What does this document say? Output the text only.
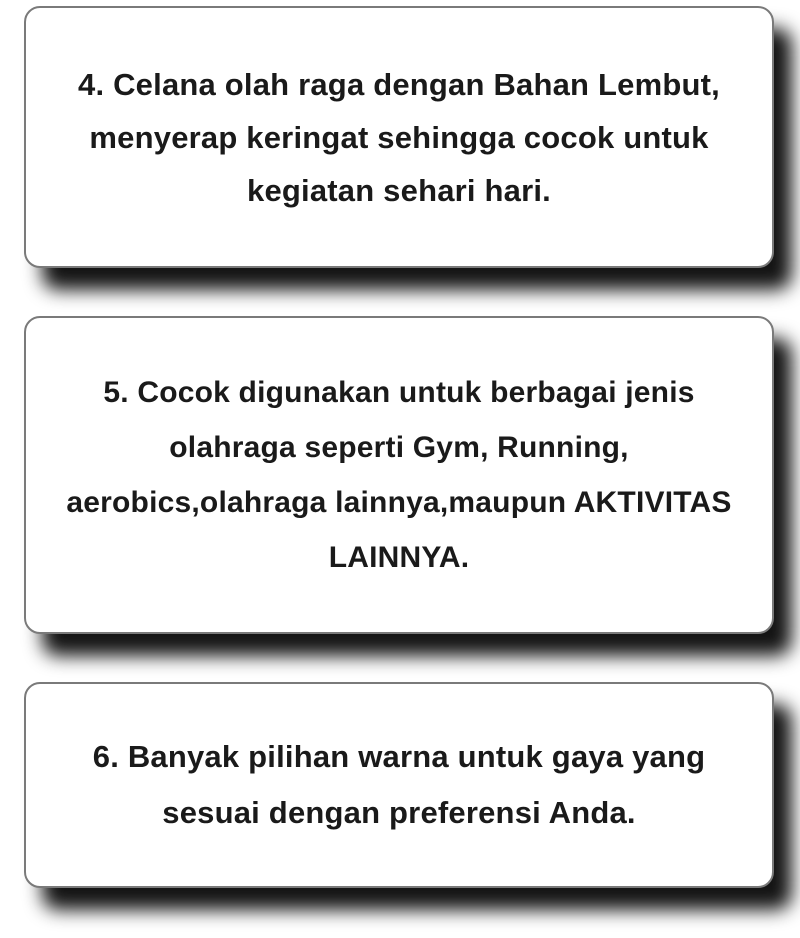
4. Celana olah raga dengan Bahan Lembut,
menyerap keringat sehingga cocok untuk
kegiatan sehari hari.
5. Cocok digunakan untuk berbagai jenis
olahraga seperti Gym, Running,
aerobics,olahraga lainnya,maupun AKTIVITAS
LAINNYA.
6. Banyak pilihan warna untuk gaya yang
sesuai dengan preferensi Anda.
